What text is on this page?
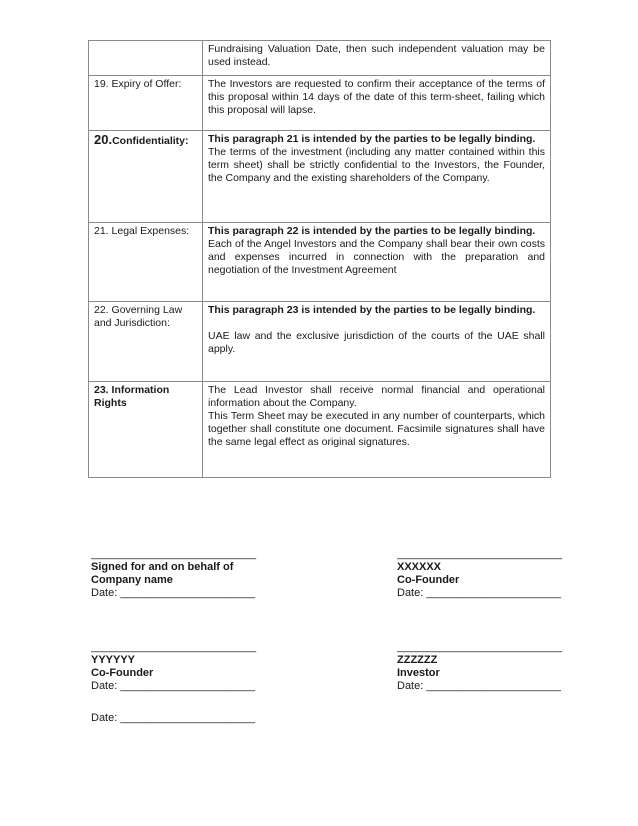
	Fundraising Valuation Date, then such independent valuation may be used instead.
19. Expiry of Offer:	The Investors are requested to confirm their acceptance of the terms of this proposal within 14 days of the date of this term-sheet, failing which this proposal will lapse.
20.Confidentiality:	This paragraph 21 is intended by the parties to be legally binding.
The terms of the investment (including any matter contained within this term sheet) shall be strictly confidential to the Investors, the Founder, the Company and the existing shareholders of the Company.
21. Legal Expenses:	This paragraph 22 is intended by the parties to be legally binding.
Each of the Angel Investors and the Company shall bear their own costs and expenses incurred in connection with the preparation and negotiation of the Investment Agreement
22. Governing Law and Jurisdiction:	This paragraph 23 is intended by the parties to be legally binding.
UAE law and the exclusive jurisdiction of the courts of the UAE shall apply.
23. Information Rights	The Lead Investor shall receive normal financial and operational information about the Company.
This Term Sheet may be executed in any number of counterparts, which together shall constitute one document. Facsimile signatures shall have the same legal effect as original signatures.
___________________________
Signed for and on behalf of
Company name
Date: ______________________
___________________________
XXXXXX
Co-Founder
Date: ______________________
___________________________
YYYYYY
Co-Founder
Date: ______________________
___________________________
ZZZZZZ
Investor
Date: ______________________
Date: ______________________
